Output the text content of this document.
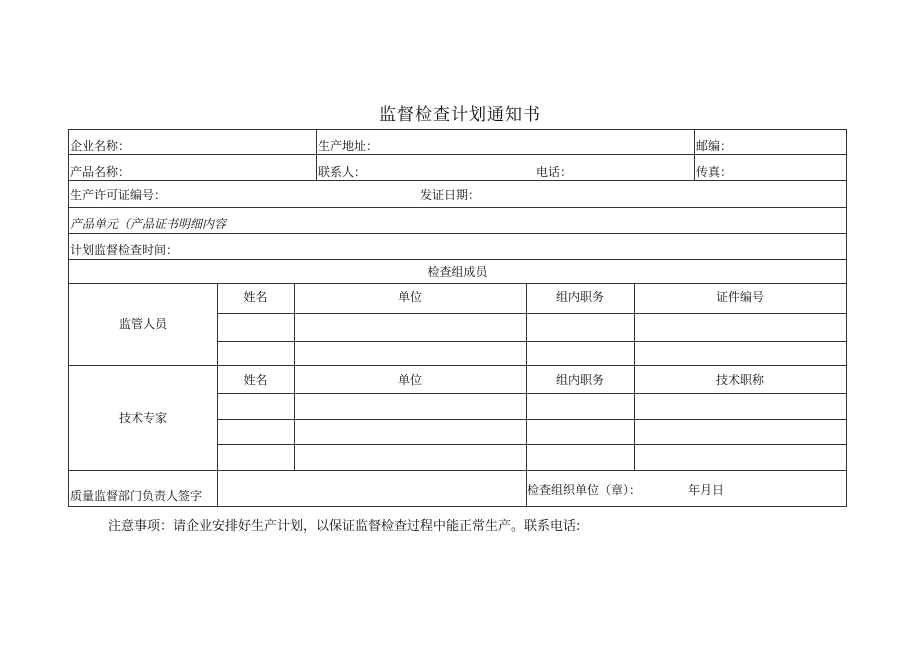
监督检查计划通知书
企业名称：	生产地址：	邮编：
产品名称：	联系人：	电话：	传真：
生产许可证编号：	发证日期：
产品单元（产品证书明细内容
计划监督检查时间：
检查组成员
监管人员
姓名	单位	组内职务	证件编号
技术专家
姓名	单位	组内职务	技术职称
质量监督部门负责人签字	检查组织单位（章）：	年月日
注意事项：请企业安排好生产计划，以保证监督检查过程中能正常生产。联系电话:
